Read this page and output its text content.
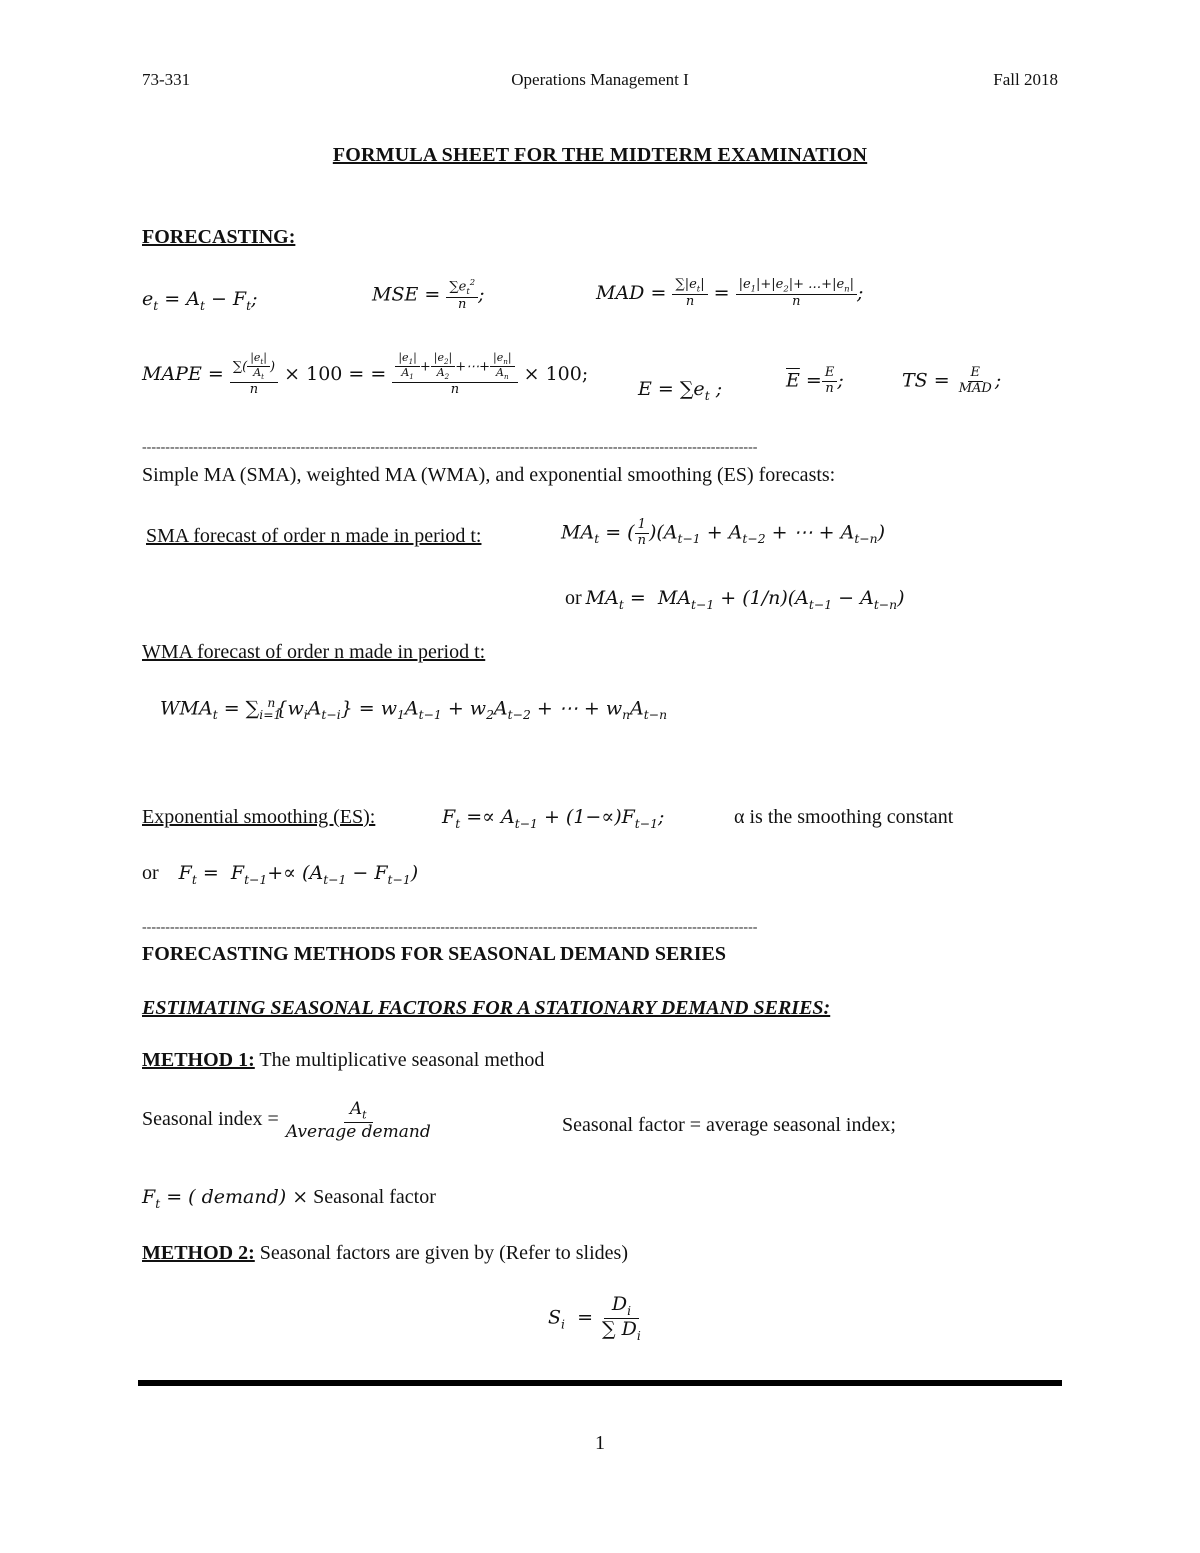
73-331	Operations Management I	Fall 2018
FORMULA SHEET FOR THE MIDTERM EXAMINATION
FORECASTING:
$e_t = A_t - F_t$;	MSE = $\frac{\sum e_t^2}{n}$ ;	MAD = $\frac{\sum|e_t|}{n} = \frac{|e_1|+|e_2|+ \dots+|e_n|}{n}$ ;
MAPE = $\frac{\sum( \frac{|e_t|}{A_t} )}{n} \times 100$ = = $\frac{\frac{|e_1|}{A_1} + \frac{|e_2|}{A_2} +\cdots+ \frac{|e_n|}{A_n}}{n} \times 100$;
$E = \sum e_t$ ;	$\overline{E} = \frac{E}{n}$ ;	TS = $\frac{E}{\text{MAD}}$ ;
------------------------------------------------------------------------------------------------------------------------------------
Simple MA (SMA), weighted MA (WMA), and exponential smoothing (ES) forecasts:
SMA forecast of order n made in period t:	$MA_t$ = ( $\frac{1}{n} )(A_{t-1} + A_{t-2}$ + ⋯ + $A_{t-n}$)
or $MA_t = MA_{t-1} + (1/n)(A_{t-1} - A_{t-n})$
WMA forecast of order n made in period t:
$WMA_t = \sum_{i=1}^n\{w_iA_{t-i}\} = w_1A_{t-1} + w_2A_{t-2}$ + ⋯ + $w_nA_{t-n}$
Exponential smoothing (ES):	$F_t =\propto A_{t-1} + (1-\propto)F_{t-1}$;	α is the smoothing constant
or $F_t = F_{t-1}+\propto (A_{t-1} - F_{t-1})$
------------------------------------------------------------------------------------------------------------------------------------
FORECASTING METHODS FOR SEASONAL DEMAND SERIES
ESTIMATING SEASONAL FACTORS FOR A STATIONARY DEMAND SERIES:
METHOD 1: The multiplicative seasonal method
Seasonal index = $\frac{A_t}{\text{Average demand}}$	Seasonal factor = average seasonal index;
$F_t$ = ( demand) × Seasonal factor
METHOD 2: Seasonal factors are given by (Refer to slides)
$S_i = \frac{D_i}{\sum D_i}$
1
